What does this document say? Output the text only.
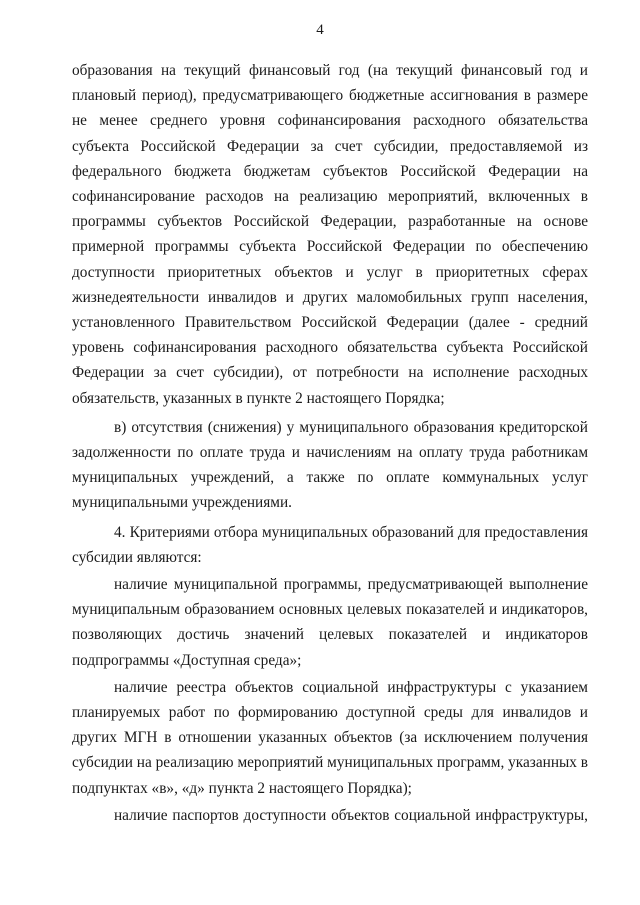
4

образования на текущий финансовый год (на текущий финансовый год и плановый период), предусматривающего бюджетные ассигнования в размере не менее среднего уровня софинансирования расходного обязательства субъекта Российской Федерации за счет субсидии, предоставляемой из федерального бюджета бюджетам субъектов Российской Федерации на софинансирование расходов на реализацию мероприятий, включенных в программы субъектов Российской Федерации, разработанные на основе примерной программы субъекта Российской Федерации по обеспечению доступности приоритетных объектов и услуг в приоритетных сферах жизнедеятельности инвалидов и других маломобильных групп населения, установленного Правительством Российской Федерации (далее - средний уровень софинансирования расходного обязательства субъекта Российской Федерации за счет субсидии), от потребности на исполнение расходных обязательств, указанных в пункте 2 настоящего Порядка;

в) отсутствия (снижения) у муниципального образования кредиторской задолженности по оплате труда и начислениям на оплату труда работникам муниципальных учреждений, а также по оплате коммунальных услуг муниципальными учреждениями.

4. Критериями отбора муниципальных образований для предоставления субсидии являются:

наличие муниципальной программы, предусматривающей выполнение муниципальным образованием основных целевых показателей и индикаторов, позволяющих достичь значений целевых показателей и индикаторов подпрограммы «Доступная среда»;

наличие реестра объектов социальной инфраструктуры с указанием планируемых работ по формированию доступной среды для инвалидов и других МГН в отношении указанных объектов (за исключением получения субсидии на реализацию мероприятий муниципальных программ, указанных в подпунктах «в», «д» пункта 2 настоящего Порядка);

наличие паспортов доступности объектов социальной инфраструктуры,
